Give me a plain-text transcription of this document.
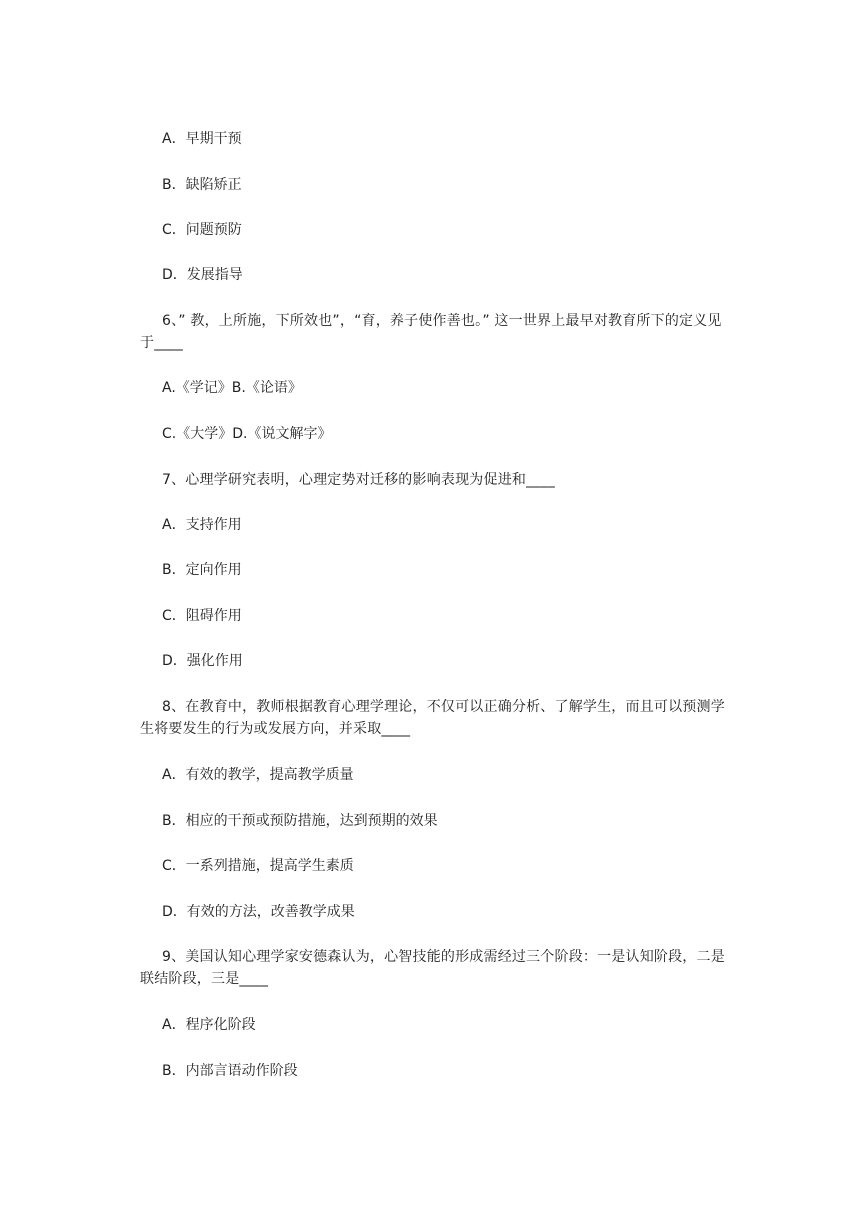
A．早期干预
B．缺陷矫正
C．问题预防
D．发展指导
6、” 教，上所施，下所效也”，“育，养子使作善也。” 这一世界上最早对教育所下的定义见于____
A.《学记》B.《论语》
C.《大学》D.《说文解字》
7、心理学研究表明，心理定势对迁移的影响表现为促进和____
A．支持作用
B．定向作用
C．阻碍作用
D．强化作用
8、在教育中，教师根据教育心理学理论，不仅可以正确分析、了解学生，而且可以预测学生将要发生的行为或发展方向，并采取____
A．有效的教学，提高教学质量
B．相应的干预或预防措施，达到预期的效果
C．一系列措施，提高学生素质
D．有效的方法，改善教学成果
9、美国认知心理学家安德森认为，心智技能的形成需经过三个阶段：一是认知阶段，二是联结阶段，三是____
A．程序化阶段
B．内部言语动作阶段
